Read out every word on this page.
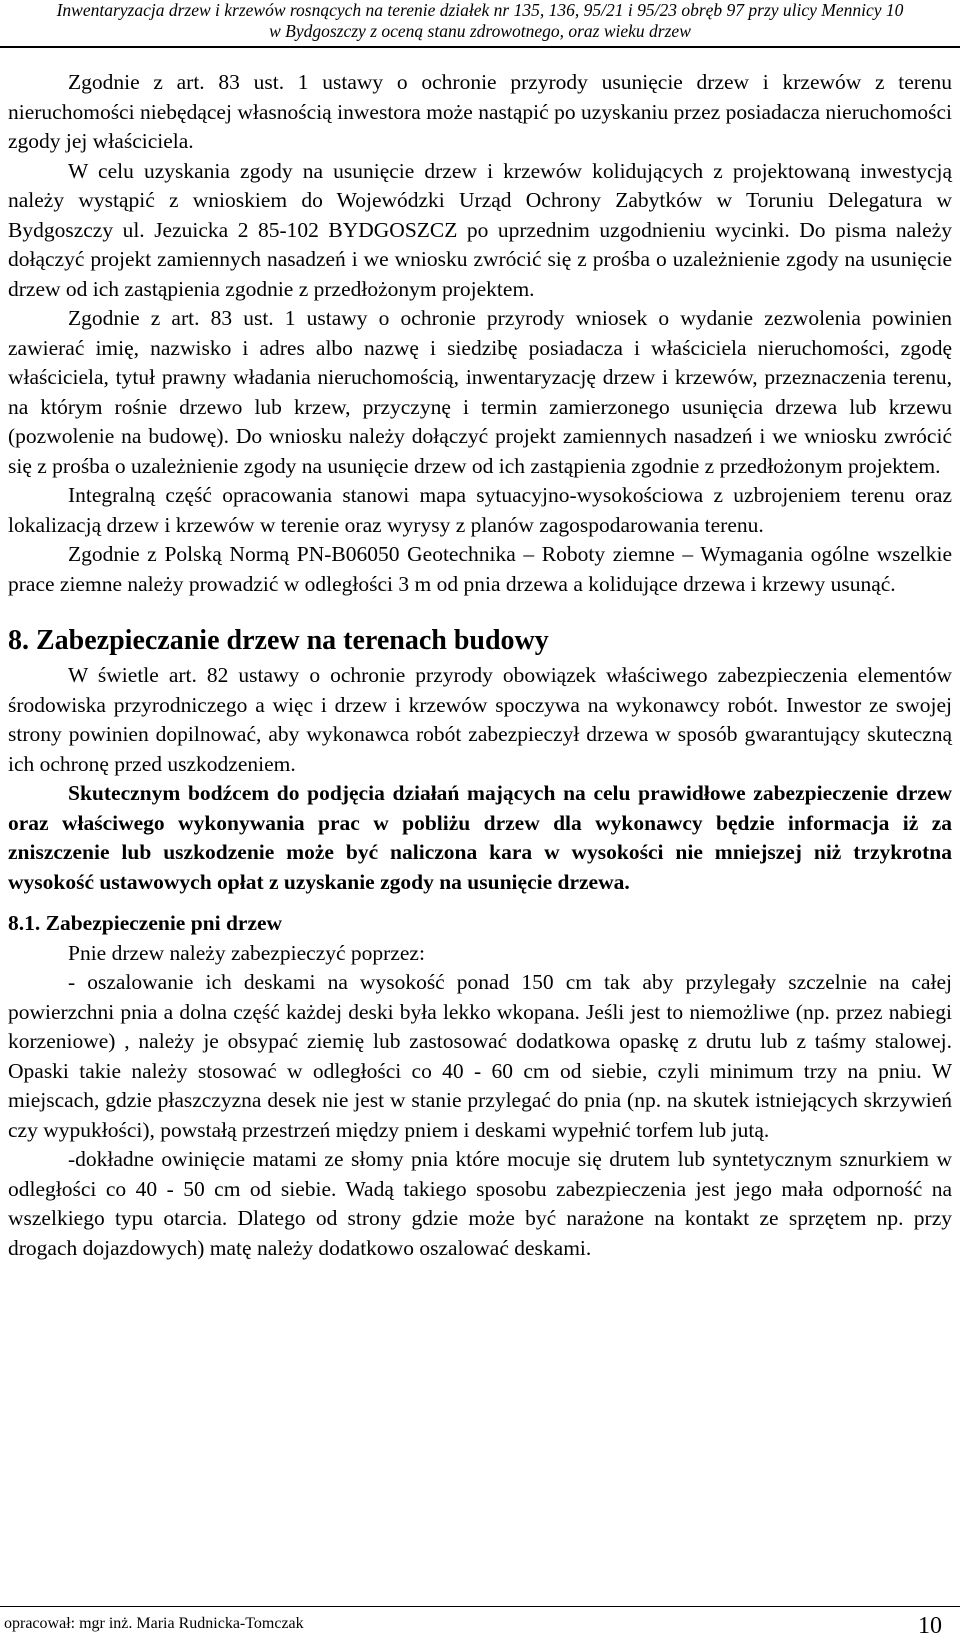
Inwentaryzacja drzew i krzewów rosnących na terenie działek nr 135, 136, 95/21 i 95/23 obręb 97 przy ulicy Mennicy 10
w Bydgoszczy z oceną stanu zdrowotnego, oraz wieku drzew

Zgodnie z art. 83 ust. 1 ustawy o ochronie przyrody usunięcie drzew i krzewów z terenu nieruchomości niebędącej własnością inwestora może nastąpić po uzyskaniu przez posiadacza nieruchomości zgody jej właściciela.

W celu uzyskania zgody na usunięcie drzew i krzewów kolidujących z projektowaną inwestycją należy wystąpić z wnioskiem do Wojewódzki Urząd Ochrony Zabytków w Toruniu Delegatura w Bydgoszczy ul. Jezuicka 2 85-102 BYDGOSZCZ po uprzednim uzgodnieniu wycinki. Do pisma należy dołączyć projekt zamiennych nasadzeń i we wniosku zwrócić się z prośba o uzależnienie zgody na usunięcie drzew od ich zastąpienia zgodnie z przedłożonym projektem.

Zgodnie z art. 83 ust. 1 ustawy o ochronie przyrody wniosek o wydanie zezwolenia powinien zawierać imię, nazwisko i adres albo nazwę i siedzibę posiadacza i właściciela nieruchomości, zgodę właściciela, tytuł prawny władania nieruchomością, inwentaryzację drzew i krzewów, przeznaczenia terenu, na którym rośnie drzewo lub krzew, przyczynę i termin zamierzonego usunięcia drzewa lub krzewu (pozwolenie na budowę). Do wniosku należy dołączyć projekt zamiennych nasadzeń i we wniosku zwrócić się z prośba o uzależnienie zgody na usunięcie drzew od ich zastąpienia zgodnie z przedłożonym projektem.

Integralną część opracowania stanowi mapa sytuacyjno-wysokościowa z uzbrojeniem terenu oraz lokalizacją drzew i krzewów w terenie oraz wyrysy z planów zagospodarowania terenu.

Zgodnie z Polską Normą PN-B06050 Geotechnika – Roboty ziemne – Wymagania ogólne wszelkie prace ziemne należy prowadzić w odległości 3 m od pnia drzewa a kolidujące drzewa i krzewy usunąć.

8. Zabezpieczanie drzew na terenach budowy

W świetle art. 82 ustawy o ochronie przyrody obowiązek właściwego zabezpieczenia elementów środowiska przyrodniczego a więc i drzew i krzewów spoczywa na wykonawcy robót. Inwestor ze swojej strony powinien dopilnować, aby wykonawca robót zabezpieczył drzewa w sposób gwarantujący skuteczną ich ochronę przed uszkodzeniem.

Skutecznym bodźcem do podjęcia działań mających na celu prawidłowe zabezpieczenie drzew oraz właściwego wykonywania prac w pobliżu drzew dla wykonawcy będzie informacja iż za zniszczenie lub uszkodzenie może być naliczona kara w wysokości nie mniejszej niż trzykrotna wysokość ustawowych opłat z uzyskanie zgody na usunięcie drzewa.

8.1. Zabezpieczenie pni drzew

Pnie drzew należy zabezpieczyć poprzez:

- oszalowanie ich deskami na wysokość ponad 150 cm tak aby przylegały szczelnie na całej powierzchni pnia a dolna część każdej deski była lekko wkopana. Jeśli jest to niemożliwe (np. przez nabiegi korzeniowe) , należy je obsypać ziemię lub zastosować dodatkowa opaskę z drutu lub z taśmy stalowej. Opaski takie należy stosować w odległości co 40 - 60 cm od siebie, czyli minimum trzy na pniu. W miejscach, gdzie płaszczyzna desek nie jest w stanie przylegać do pnia (np. na skutek istniejących skrzywień czy wypukłości), powstałą przestrzeń między pniem i deskami wypełnić torfem lub jutą.

-dokładne owinięcie matami ze słomy pnia które mocuje się drutem lub syntetycznym sznurkiem w odległości co 40 - 50 cm od siebie. Wadą takiego sposobu zabezpieczenia jest jego mała odporność na wszelkiego typu otarcia. Dlatego od strony gdzie może być narażone na kontakt ze sprzętem np. przy drogach dojazdowych) matę należy dodatkowo oszalować deskami.

opracował: mgr inż. Maria Rudnicka-Tomczak	10
